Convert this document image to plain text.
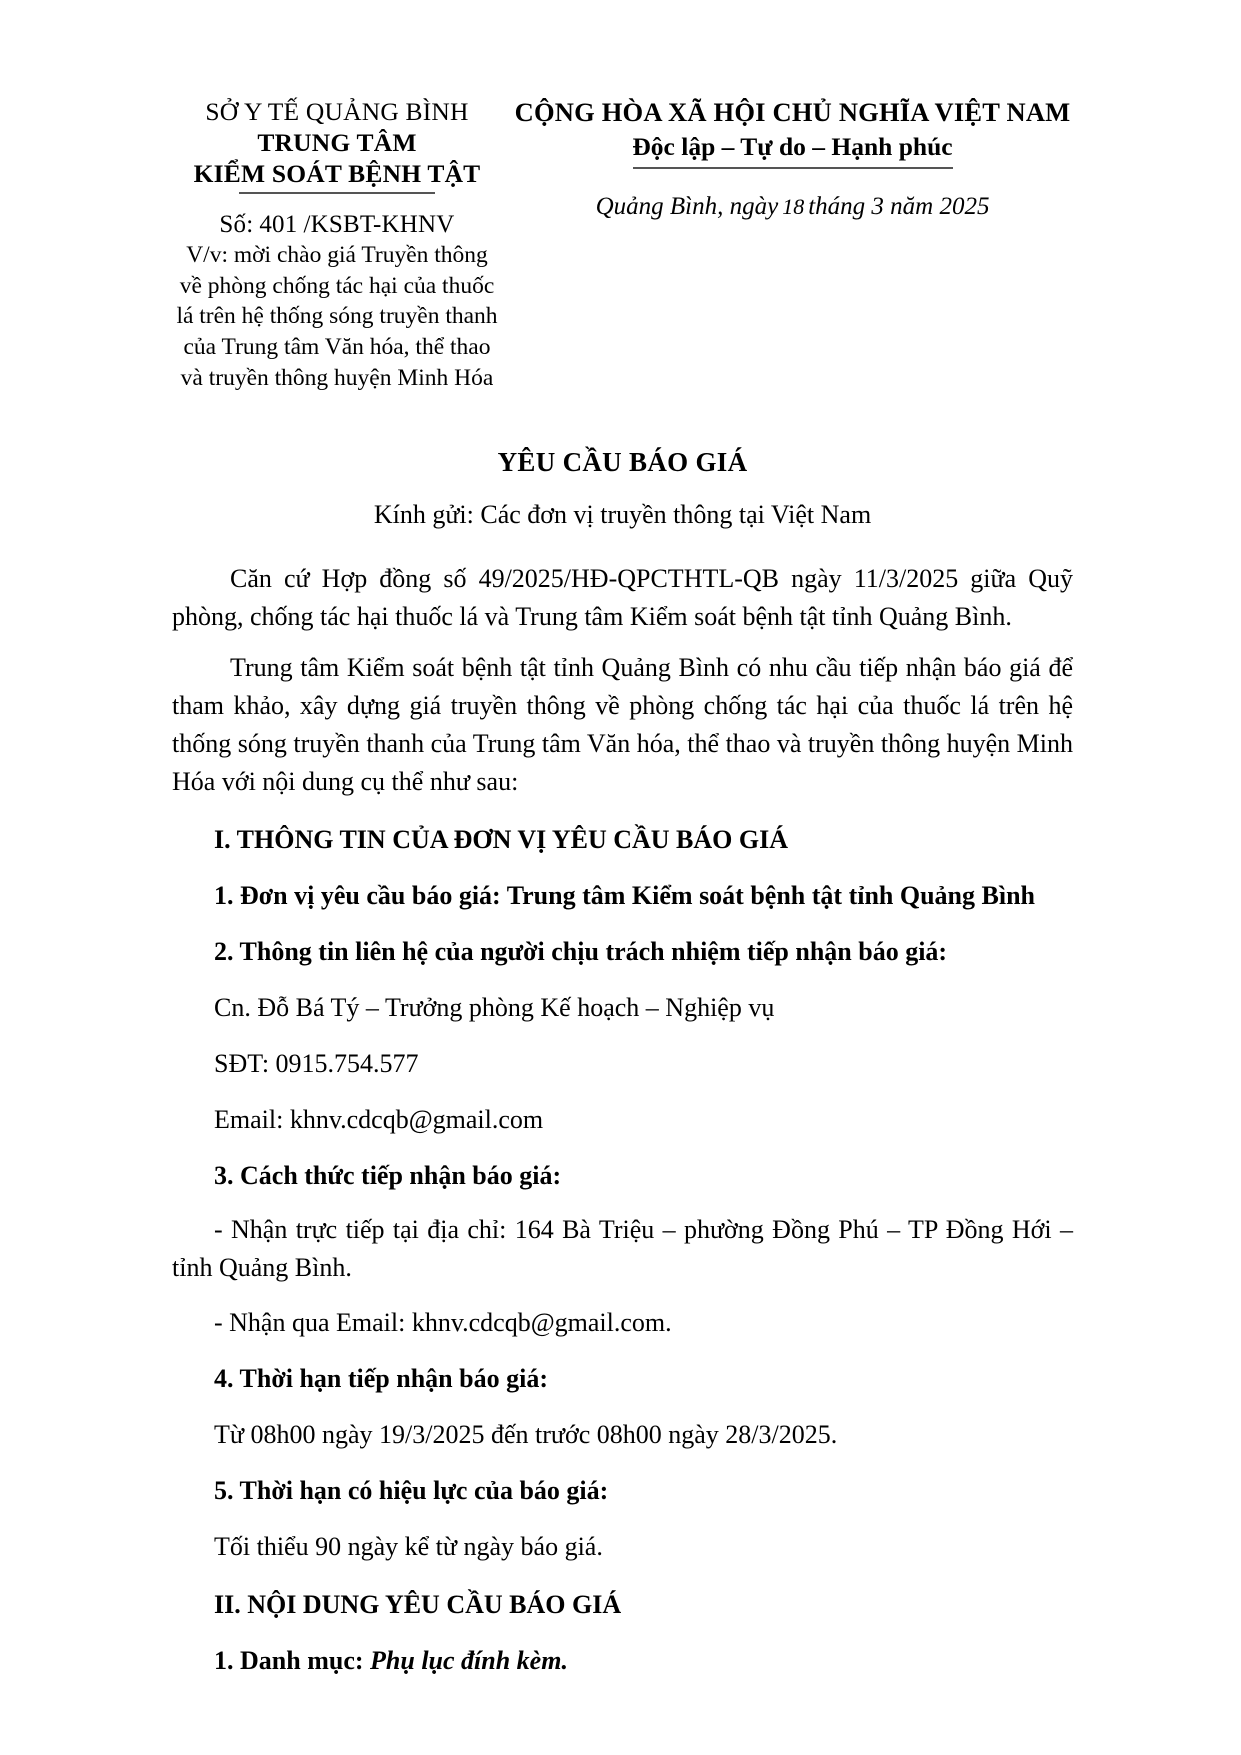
SỞ Y TẾ QUẢNG BÌNH
TRUNG TÂM
KIỂM SOÁT BỆNH TẬT
Số: 401 /KSBT-KHNV
V/v: mời chào giá Truyền thông
về phòng chống tác hại của thuốc
lá trên hệ thống sóng truyền thanh
của Trung tâm Văn hóa, thể thao
và truyền thông huyện Minh Hóa
CỘNG HÒA XÃ HỘI CHỦ NGHĨA VIỆT NAM
Độc lập – Tự do – Hạnh phúc
Quảng Bình, ngày 18 tháng 3 năm 2025
YÊU CẦU BÁO GIÁ
Kính gửi: Các đơn vị truyền thông tại Việt Nam

Căn cứ Hợp đồng số 49/2025/HĐ-QPCTHTL-QB ngày 11/3/2025 giữa Quỹ phòng, chống tác hại thuốc lá và Trung tâm Kiểm soát bệnh tật tỉnh Quảng Bình.

Trung tâm Kiểm soát bệnh tật tỉnh Quảng Bình có nhu cầu tiếp nhận báo giá để tham khảo, xây dựng giá truyền thông về phòng chống tác hại của thuốc lá trên hệ thống sóng truyền thanh của Trung tâm Văn hóa, thể thao và truyền thông huyện Minh Hóa với nội dung cụ thể như sau:

I. THÔNG TIN CỦA ĐƠN VỊ YÊU CẦU BÁO GIÁ

1. Đơn vị yêu cầu báo giá: Trung tâm Kiểm soát bệnh tật tỉnh Quảng Bình

2. Thông tin liên hệ của người chịu trách nhiệm tiếp nhận báo giá:

Cn. Đỗ Bá Tý – Trưởng phòng Kế hoạch – Nghiệp vụ

SĐT: 0915.754.577

Email: khnv.cdcqb@gmail.com

3. Cách thức tiếp nhận báo giá:

- Nhận trực tiếp tại địa chỉ: 164 Bà Triệu – phường Đồng Phú – TP Đồng Hới – tỉnh Quảng Bình.

- Nhận qua Email: khnv.cdcqb@gmail.com.

4. Thời hạn tiếp nhận báo giá:

Từ 08h00 ngày 19/3/2025 đến trước 08h00 ngày 28/3/2025.

5. Thời hạn có hiệu lực của báo giá:

Tối thiểu 90 ngày kể từ ngày báo giá.

II. NỘI DUNG YÊU CẦU BÁO GIÁ

1. Danh mục: Phụ lục đính kèm.
